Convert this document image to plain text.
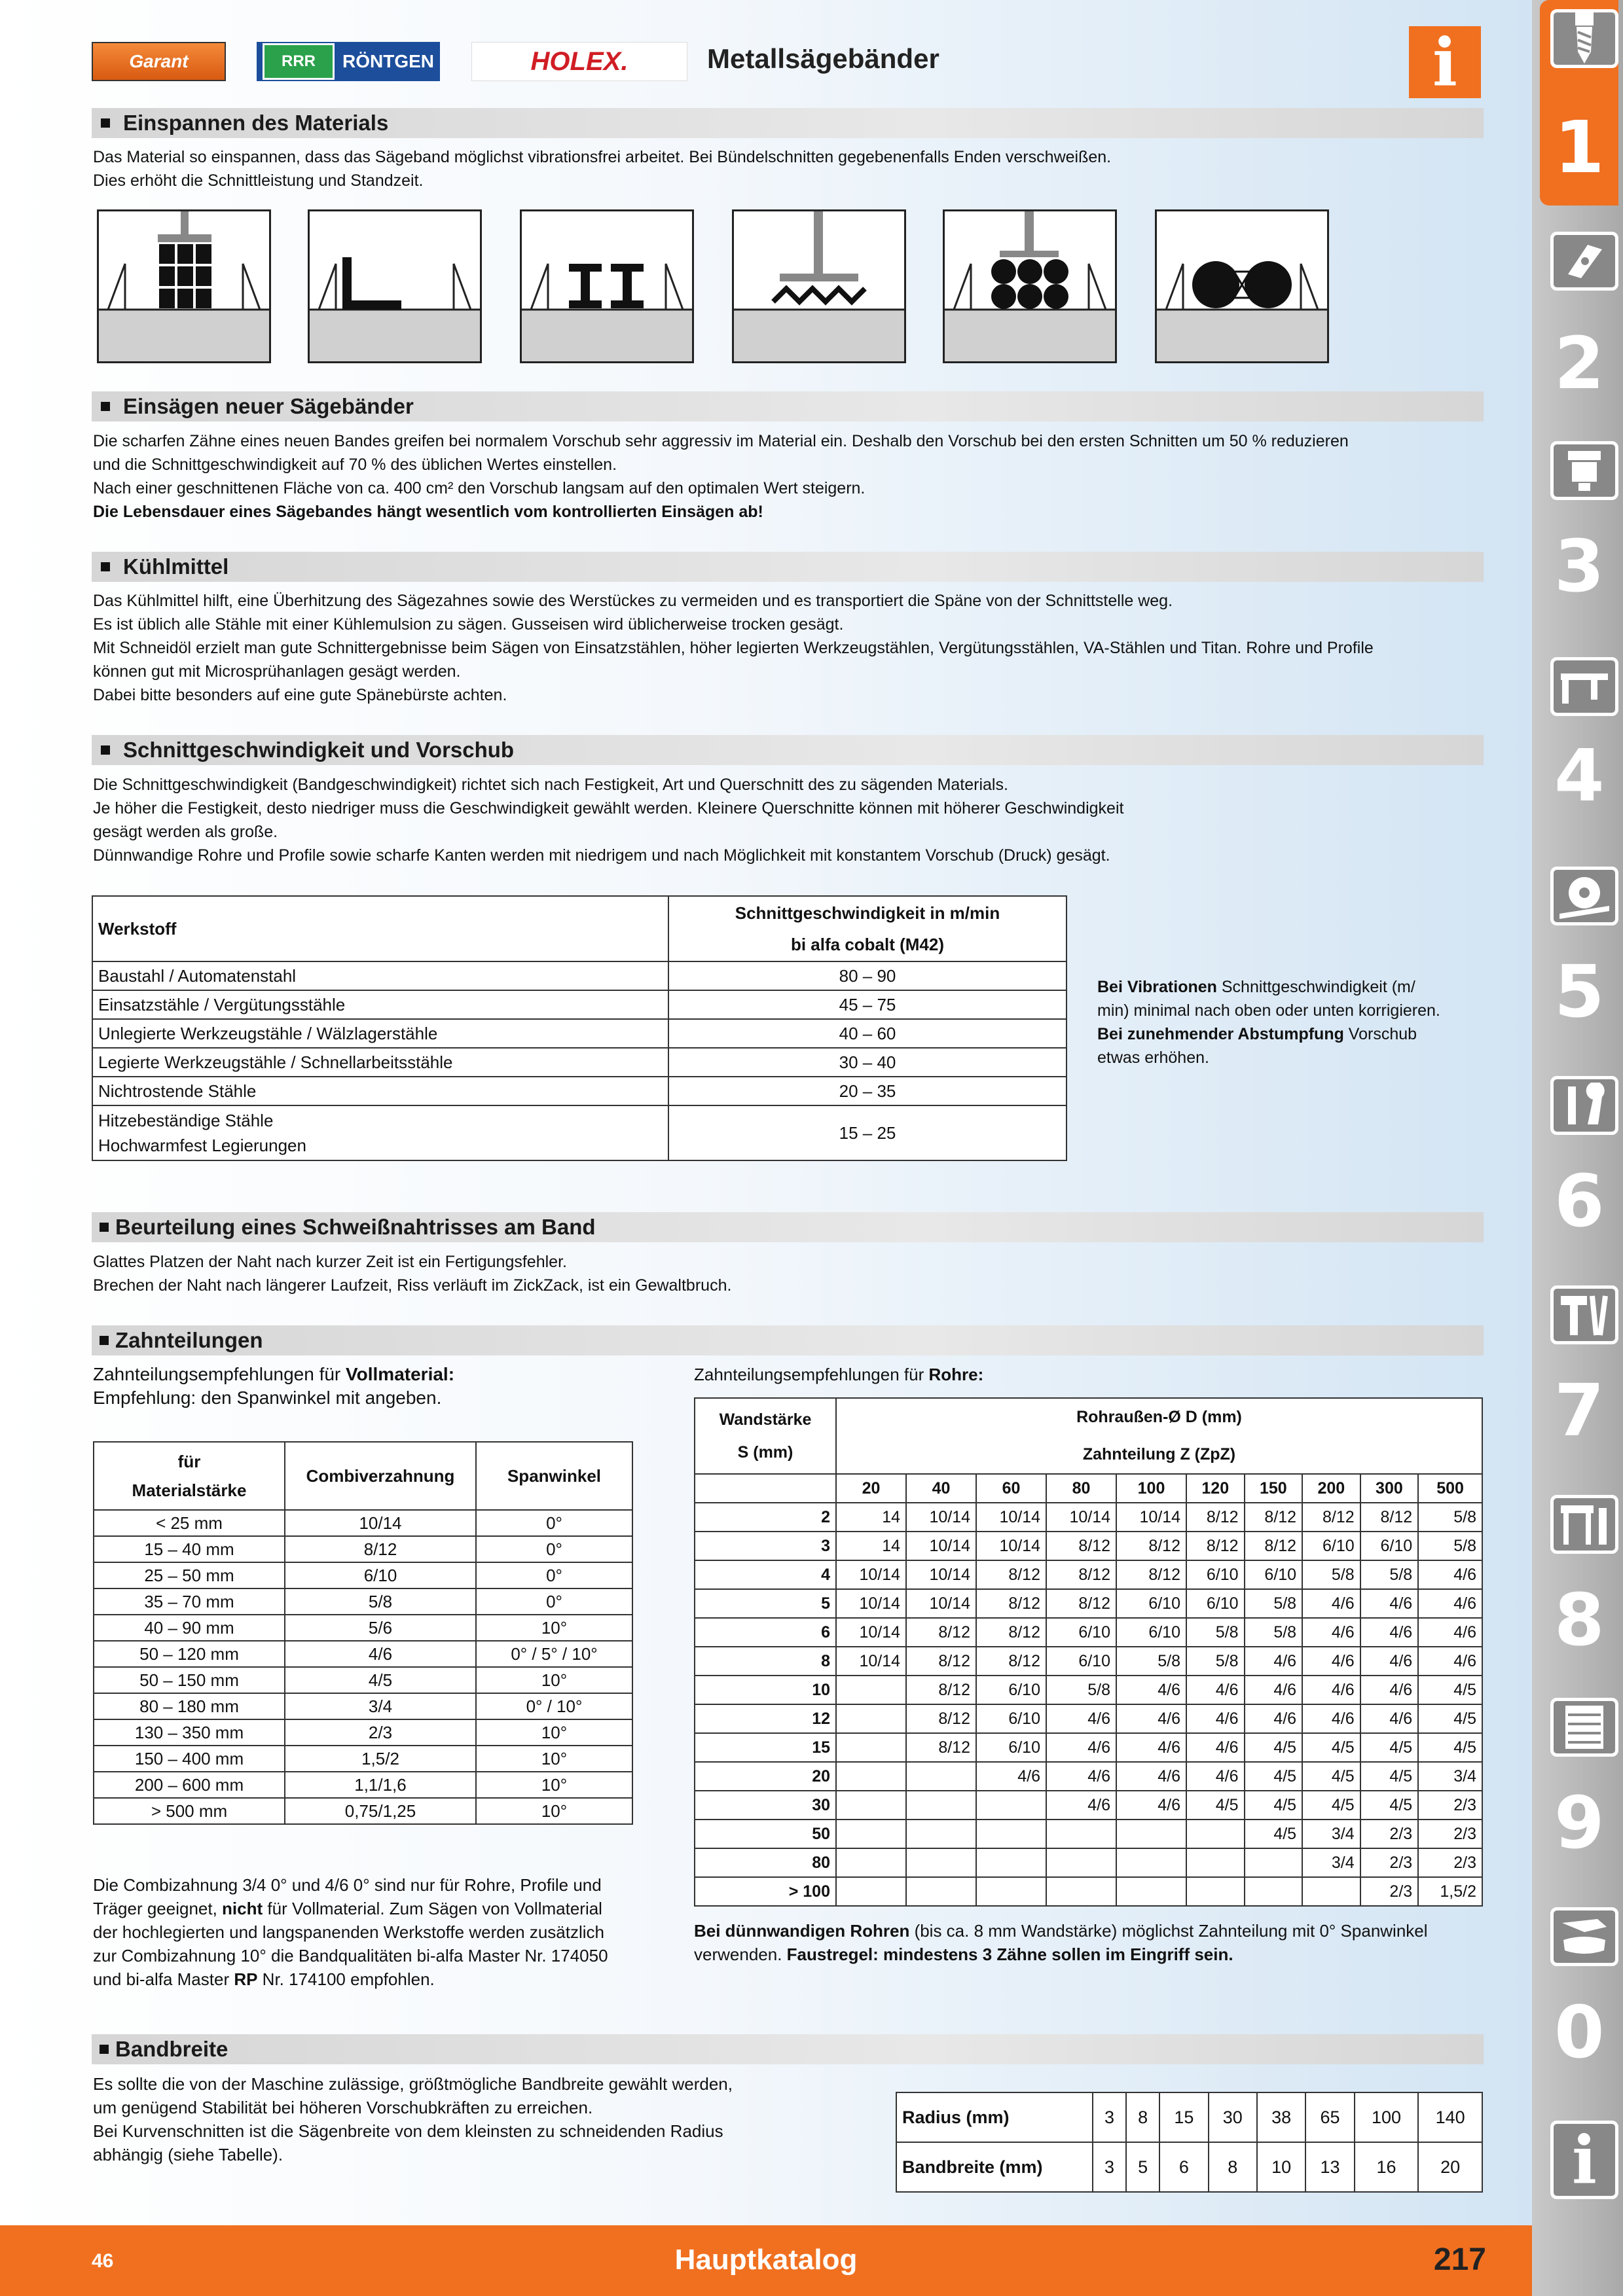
Garant	RRR	RÖNTGEN	HOLEX.	Metallsägebänder	i
1
2
3
4
5
6
7
8
9
0
i
Einspannen des Materials

Das Material so einspannen, dass das Sägeband möglichst vibrationsfrei arbeitet. Bei Bündelschnitten gegebenenfalls Enden verschweißen.

Dies erhöht die Schnittleistung und Standzeit.

Einsägen neuer Sägebänder

Die scharfen Zähne eines neuen Bandes greifen bei normalem Vorschub sehr aggressiv im Material ein. Deshalb den Vorschub bei den ersten Schnitten um 50 % reduzieren

und die Schnittgeschwindigkeit auf 70 % des üblichen Wertes einstellen.

Nach einer geschnittenen Fläche von ca. 400 cm² den Vorschub langsam auf den optimalen Wert steigern.

Die Lebensdauer eines Sägebandes hängt wesentlich vom kontrollierten Einsägen ab!

Kühlmittel

Das Kühlmittel hilft, eine Überhitzung des Sägezahnes sowie des Werstückes zu vermeiden und es transportiert die Späne von der Schnittstelle weg.

Es ist üblich alle Stähle mit einer Kühlemulsion zu sägen. Gusseisen wird üblicherweise trocken gesägt.

Mit Schneidöl erzielt man gute Schnittergebnisse beim Sägen von Einsatzstählen, höher legierten Werkzeugstählen, Vergütungsstählen, VA-Stählen und Titan. Rohre und Profile

können gut mit Microsprühanlagen gesägt werden.

Dabei bitte besonders auf eine gute Spänebürste achten.

Schnittgeschwindigkeit und Vorschub

Die Schnittgeschwindigkeit (Bandgeschwindigkeit) richtet sich nach Festigkeit, Art und Querschnitt des zu sägenden Materials.

Je höher die Festigkeit, desto niedriger muss die Geschwindigkeit gewählt werden. Kleinere Querschnitte können mit höherer Geschwindigkeit

gesägt werden als große.

Dünnwandige Rohre und Profile sowie scharfe Kanten werden mit niedrigem und nach Möglichkeit mit konstantem Vorschub (Druck) gesägt.

Werkstoff	Schnittgeschwindigkeit in m/min
bi alfa cobalt (M42)
Baustahl / Automatenstahl	80 – 90
Einsatzstähle / Vergütungsstähle	45 – 75
Unlegierte Werkzeugstähle / Wälzlagerstähle	40 – 60
Legierte Werkzeugstähle / Schnellarbeitsstähle	30 – 40
Nichtrostende Stähle	20 – 35
Hitzebeständige Stähle
Hochwarmfest Legierungen	15 – 25

Bei Vibrationen Schnittgeschwindigkeit (m/

min) minimal nach oben oder unten korrigieren.

Bei zunehmender Abstumpfung Vorschub

etwas erhöhen.

Beurteilung eines Schweißnahtrisses am Band

Glattes Platzen der Naht nach kurzer Zeit ist ein Fertigungsfehler.

Brechen der Naht nach längerer Laufzeit, Riss verläuft im ZickZack, ist ein Gewaltbruch.

Zahnteilungen

Zahnteilungsempfehlungen für Vollmaterial:

Empfehlung: den Spanwinkel mit angeben.

für
Materialstärke	Combiverzahnung	Spanwinkel
< 25 mm	10/14	0°
15 – 40 mm	8/12	0°
25 – 50 mm	6/10	0°
35 – 70 mm	5/8	0°
40 – 90 mm	5/6	10°
50 – 120 mm	4/6	0° / 5° / 10°
50 – 150 mm	4/5	10°
80 – 180 mm	3/4	0° / 10°
130 – 350 mm	2/3	10°
150 – 400 mm	1,5/2	10°
200 – 600 mm	1,1/1,6	10°
> 500 mm	0,75/1,25	10°

Die Combizahnung 3/4 0° und 4/6 0° sind nur für Rohre, Profile und

Träger geeignet, nicht für Vollmaterial. Zum Sägen von Vollmaterial

der hochlegierten und langspanenden Werkstoffe werden zusätzlich

zur Combizahnung 10° die Bandqualitäten bi-alfa Master Nr. 174050

und bi-alfa Master RP Nr. 174100 empfohlen.

Zahnteilungsempfehlungen für Rohre:

Wandstärke
S (mm)	Rohraußen-Ø D (mm)									
	Zahnteilung Z (ZpZ)									
	20	40	60	80	100	120	150	200	300	500
2	14	10/14	10/14	10/14	10/14	8/12	8/12	8/12	8/12	5/8
3	14	10/14	10/14	8/12	8/12	8/12	8/12	6/10	6/10	5/8
4	10/14	10/14	8/12	8/12	8/12	6/10	6/10	5/8	5/8	4/6
5	10/14	10/14	8/12	8/12	6/10	6/10	5/8	4/6	4/6	4/6
6	10/14	8/12	8/12	6/10	6/10	5/8	5/8	4/6	4/6	4/6
8	10/14	8/12	8/12	6/10	5/8	5/8	4/6	4/6	4/6	4/6
10		8/12	6/10	5/8	4/6	4/6	4/6	4/6	4/6	4/5
12		8/12	6/10	4/6	4/6	4/6	4/6	4/6	4/6	4/5
15		8/12	6/10	4/6	4/6	4/6	4/5	4/5	4/5	4/5
20			4/6	4/6	4/6	4/6	4/5	4/5	4/5	3/4
30				4/6	4/6	4/5	4/5	4/5	4/5	2/3
50							4/5	3/4	2/3	2/3
80								3/4	2/3	2/3
> 100									2/3	1,5/2

Bei dünnwandigen Rohren (bis ca. 8 mm Wandstärke) möglichst Zahnteilung mit 0° Spanwinkel

verwenden. Faustregel: mindestens 3 Zähne sollen im Eingriff sein.

Bandbreite

Es sollte die von der Maschine zulässige, größtmögliche Bandbreite gewählt werden,

um genügend Stabilität bei höheren Vorschubkräften zu erreichen.

Bei Kurvenschnitten ist die Sägenbreite von dem kleinsten zu schneidenden Radius

abhängig (siehe Tabelle).

Radius (mm)	3	8	15	30	38	65	100	140
Bandbreite (mm)	3	5	6	8	10	13	16	20
46	Hauptkatalog	217
